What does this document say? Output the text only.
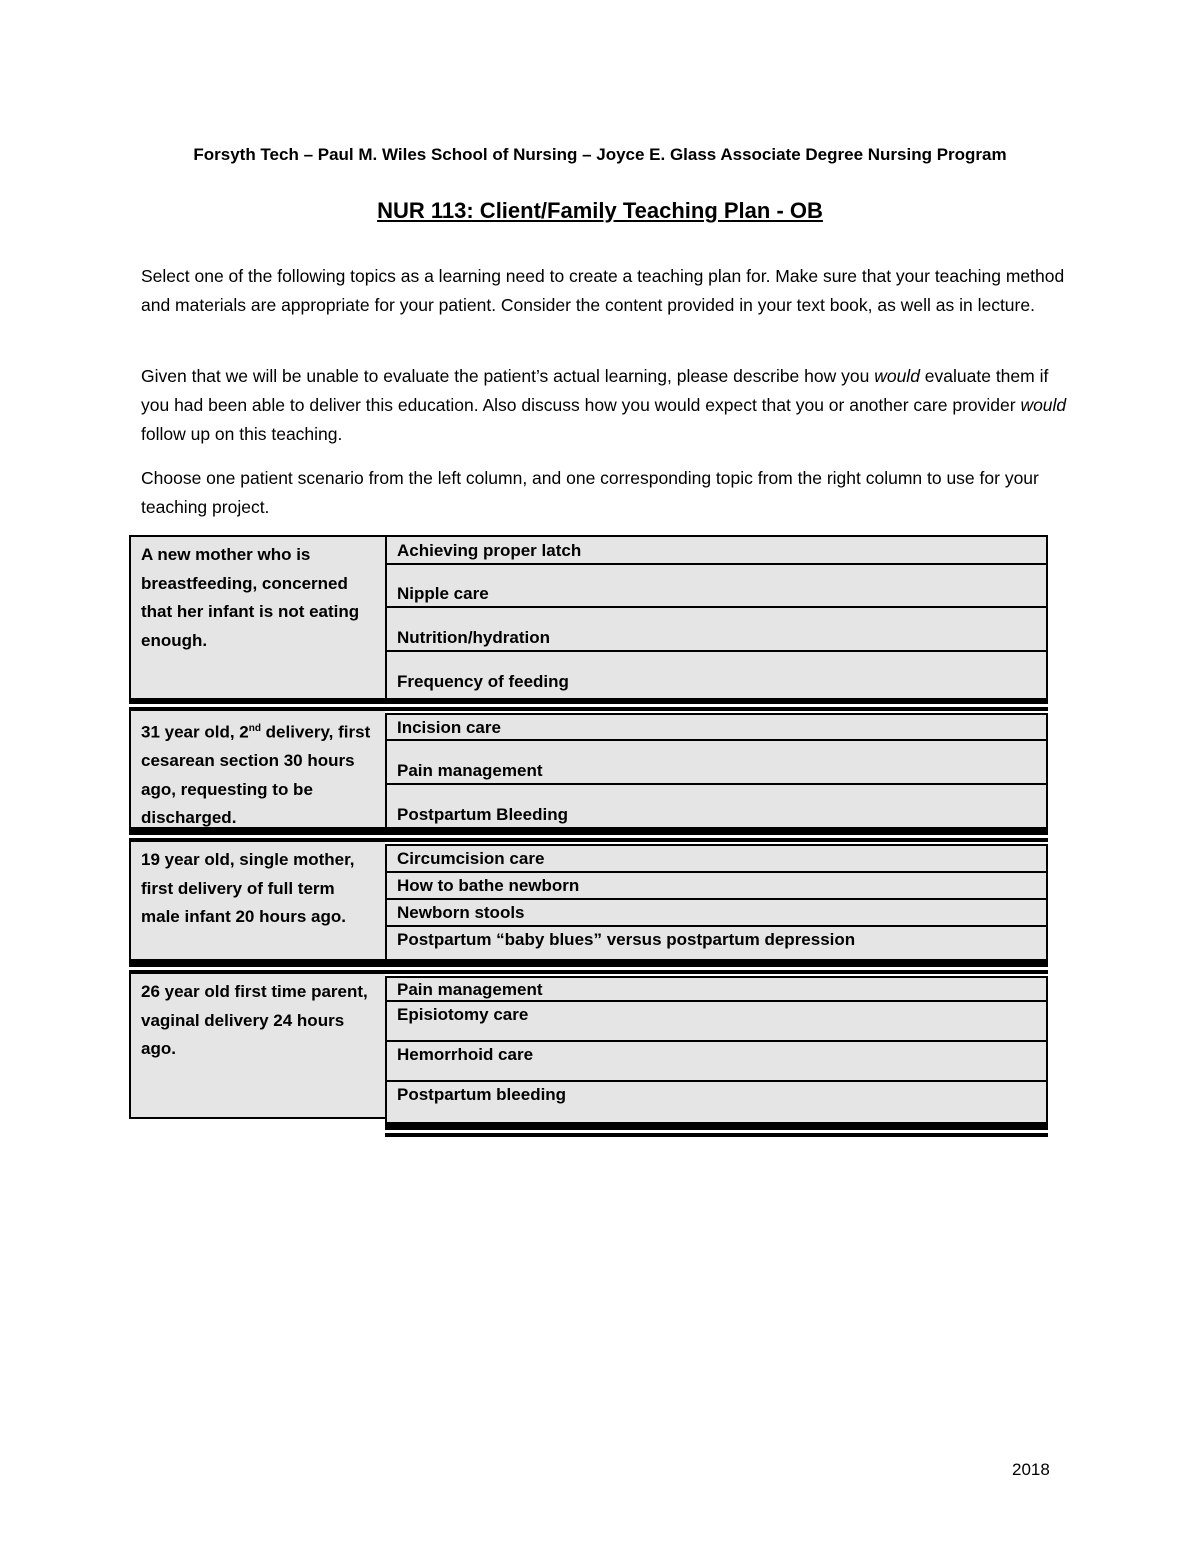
Forsyth Tech – Paul M. Wiles School of Nursing – Joyce E. Glass Associate Degree Nursing Program
NUR 113: Client/Family Teaching Plan - OB
Select one of the following topics as a learning need to create a teaching plan for. Make sure that your teaching method and materials are appropriate for your patient. Consider the content provided in your text book, as well as in lecture.
Given that we will be unable to evaluate the patient’s actual learning, please describe how you would evaluate them if you had been able to deliver this education. Also discuss how you would expect that you or another care provider would follow up on this teaching.
Choose one patient scenario from the left column, and one corresponding topic from the right column to use for your teaching project.
A new mother who is breastfeeding, concerned that her infant is not eating enough.
Achieving proper latch
Nipple care
Nutrition/hydration
Frequency of feeding
31 year old, 2nd delivery, first cesarean section 30 hours ago, requesting to be discharged.
Incision care
Pain management
Postpartum Bleeding
19 year old, single mother, first delivery of full term male infant 20 hours ago.
Circumcision care
How to bathe newborn
Newborn stools
Postpartum “baby blues” versus postpartum depression
26 year old first time parent, vaginal delivery 24 hours ago.
Pain management
Episiotomy care
Hemorrhoid care
Postpartum bleeding
2018
